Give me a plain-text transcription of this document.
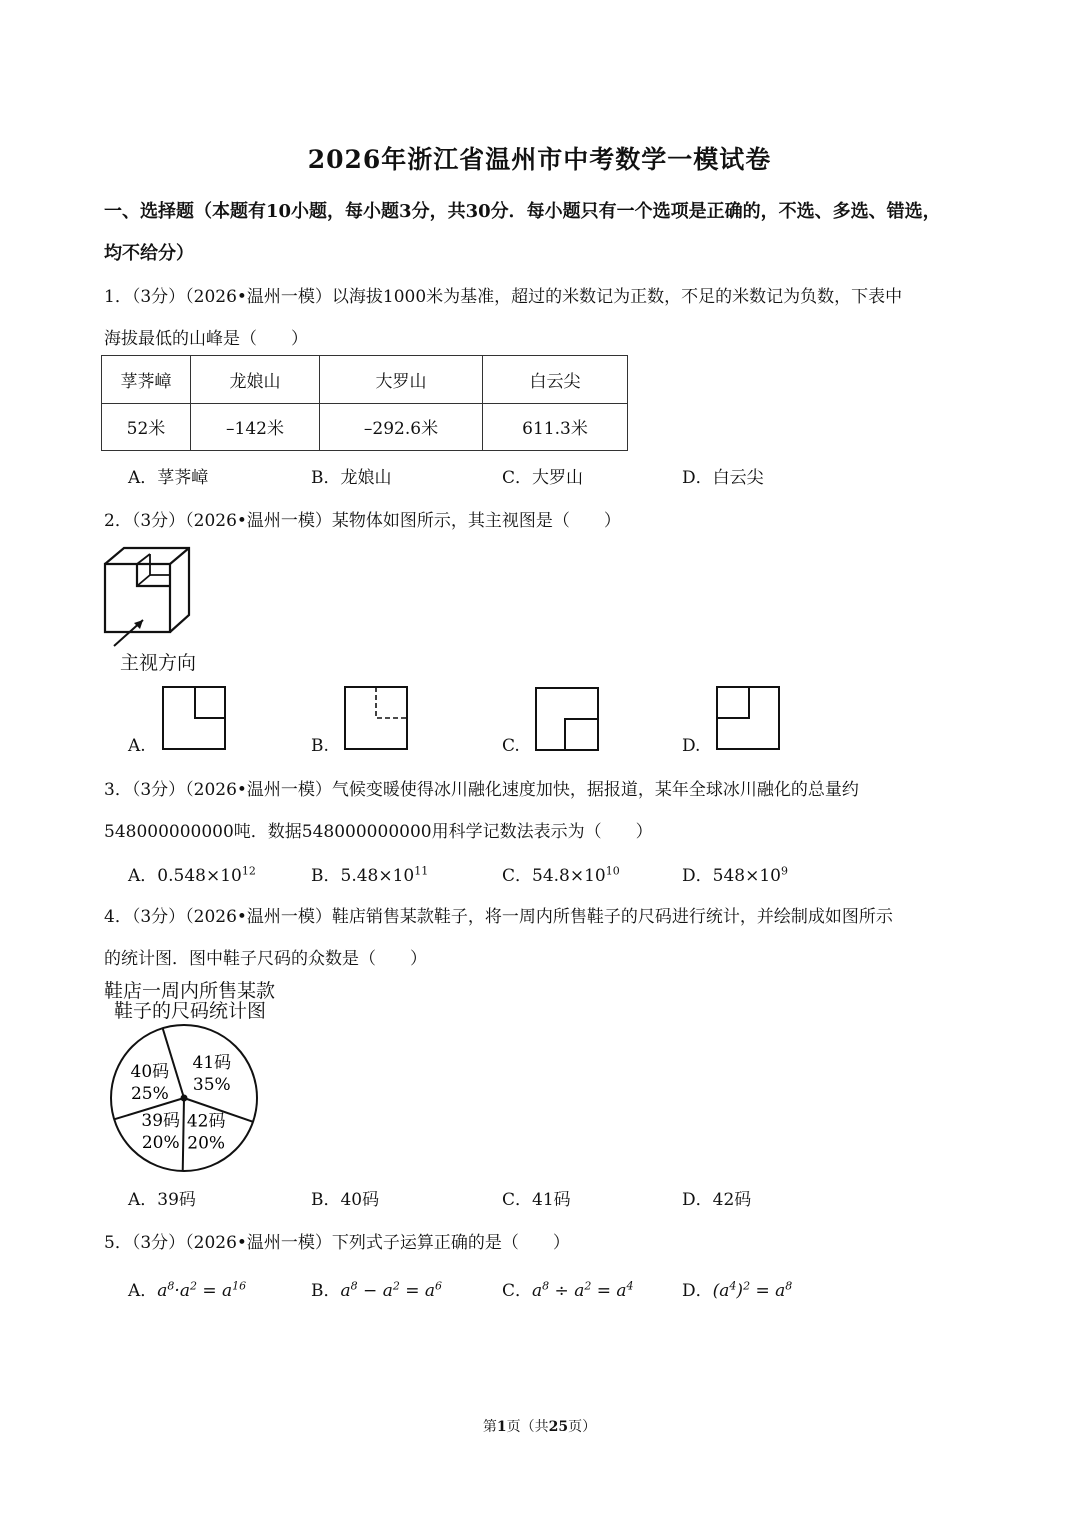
2026年浙江省温州市中考数学一模试卷
一、选择题（本题有10小题，每小题3分，共30分．每小题只有一个选项是正确的，不选、多选、错选，
均不给分）
1．（3分）（2026•温州一模）以海拔1000米为基准，超过的米数记为正数，不足的米数记为负数，下表中
海拔最低的山峰是（　　）
莩荠嶂	龙娘山	大罗山	白云尖
52米	–142米	–292.6米	611.3米
A．莩荠嶂	B．龙娘山	C．大罗山	D．白云尖
2．（3分）（2026•温州一模）某物体如图所示，其主视图是（　　）
主视方向
A.	B.	C.	D.
3．（3分）（2026•温州一模）气候变暖使得冰川融化速度加快，据报道，某年全球冰川融化的总量约
548000000000吨．数据548000000000用科学记数法表示为（　　）
A．$0.548\times 10^{12}$	B．$5.48\times 10^{11}$	C．$54.8\times 10^{10}$	D．$548\times 10^9$
4．（3分）（2026•温州一模）鞋店销售某款鞋子，将一周内所售鞋子的尺码进行统计，并绘制成如图所示
的统计图．图中鞋子尺码的众数是（　　）
鞋店一周内所售某款
鞋子的尺码统计图
41码
35%
42码
20%
39码
20%
40码
25%
A．39码	B．40码	C．41码	D．42码
5．（3分）（2026•温州一模）下列式子运算正确的是（　　）
A．$a^8\cdot a^2 = a^{16}$	B．$a^8 - a^2 = a^6$	C．$a^8 \div a^2 = a^4$	D．$(a^4)^2 = a^8$
第1页（共25页）
